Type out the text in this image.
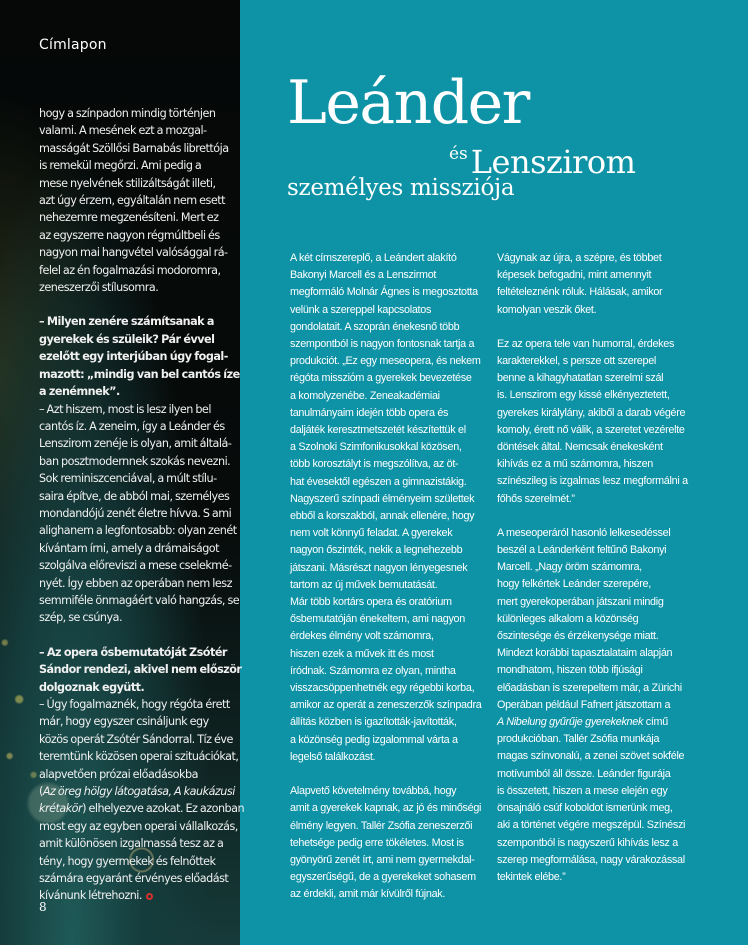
Címlapon
hogy a színpadon mindig történjen
valami. A mesének ezt a mozgal-
masságát Szöllősi Barnabás librettója
is remekül megőrzi. Ami pedig a
mese nyelvének stilizáltságát illeti,
azt úgy érzem, egyáltalán nem esett
nehezemre megzenésíteni. Mert ez
az egyszerre nagyon régmúltbeli és
nagyon mai hangvétel valósággal rá-
felel az én fogalmazási modoromra,
zeneszerzői stílusomra.
– Milyen zenére számítsanak a
gyerekek és szüleik? Pár évvel
ezelőtt egy interjúban úgy fogal-
mazott: „mindig van bel cantós íze
a zenémnek”.
– Azt hiszem, most is lesz ilyen bel
cantós íz. A zeneim, így a Leánder és
Lenszirom zenéje is olyan, amit általá-
ban posztmodernnek szokás nevezni.
Sok reminiszcenciával, a múlt stílu-
saira építve, de abból mai, személyes
mondandójú zenét életre hívva. S ami
alighanem a legfontosabb: olyan zenét
kívántam írni, amely a drámaiságot
szolgálva előreviszi a mese cselekmé-
nyét. Így ebben az operában nem lesz
semmiféle önmagáért való hangzás, se
szép, se csúnya.
– Az opera ősbemutatóját Zsótér
Sándor rendezi, akivel nem először
dolgoznak együtt.
– Úgy fogalmaznék, hogy régóta érett
már, hogy egyszer csináljunk egy
közös operát Zsótér Sándorral. Tíz éve
teremtünk közösen operai szituációkat,
alapvetően prózai előadásokba
(Az öreg hölgy látogatása, A kaukázusi
krétakör) elhelyezve azokat. Ez azonban
most egy az egyben operai vállalkozás,
amit különösen izgalmassá tesz az a
tény, hogy gyermekek és felnőttek
számára egyaránt érvényes előadást
kívánunk létrehozni.
8
Leánder
ésLenszirom
személyes missziója
A két címszereplő, a Leándert alakító
Bakonyi Marcell és a Lenszirmot
megformáló Molnár Ágnes is megosztotta
velünk a szereppel kapcsolatos
gondolatait. A szoprán énekesnő több
szempontból is nagyon fontosnak tartja a
produkciót. „Ez egy meseopera, és nekem
régóta missziόm a gyerekek bevezetése
a komolyzenébe. Zeneakadémiai
tanulmányaim idején több opera és
daljáték keresztmetszetét készítettük el
a Szolnoki Szimfonikusokkal közösen,
több korosztályt is megszólítva, az öt-
hat évesektől egészen a gimnazistákig.
Nagyszerű színpadi élményeim születtek
ebből a korszakból, annak ellenére, hogy
nem volt könnyű feladat. A gyerekek
nagyon őszinték, nekik a legnehezebb
játszani. Másrészt nagyon lényegesnek
tartom az új művek bemutatását.
Már több kortárs opera és oratórium
ősbemutatóján énekeltem, ami nagyon
érdekes élmény volt számomra,
hiszen ezek a művek itt és most
íródnak. Számomra ez olyan, mintha
visszacsöppenhetnék egy régebbi korba,
amikor az operát a zeneszerzők színpadra
állítás közben is igazították-javították,
a közönség pedig izgalommal várta a
legelső találkozást.
Alapvető követelmény továbbá, hogy
amit a gyerekek kapnak, az jó és minőségi
élmény legyen. Tallér Zsófia zeneszerzői
tehetsége pedig erre tökéletes. Most is
gyönyörű zenét írt, ami nem gyermekdal-
egyszerűségű, de a gyerekeket sohasem
az érdekli, amit már kívülről fújnak.
Vágynak az újra, a szépre, és többet
képesek befogadni, mint amennyit
feltételeznénk róluk. Hálásak, amikor
komolyan veszik őket.
Ez az opera tele van humorral, érdekes
karakterekkel, s persze ott szerepel
benne a kihagyhatatlan szerelmi szál
is. Lenszirom egy kissé elkényeztetett,
gyerekes királylány, akiből a darab végére
komoly, érett nő válik, a szeretet vezérelte
döntések által. Nemcsak énekesként
kihívás ez a mű számomra, hiszen
színészileg is izgalmas lesz megformálni a
főhős szerelmét.”
A meseoperáról hasonló lelkesedéssel
beszél a Leánderként feltűnő Bakonyi
Marcell. „Nagy öröm számomra,
hogy felkértek Leánder szerepére,
mert gyerekoperában játszani mindig
különleges alkalom a közönség
őszintesége és érzékenysége miatt.
Mindezt korábbi tapasztalataim alapján
mondhatom, hiszen több ifjúsági
előadásban is szerepeltem már, a Zürichi
Operában például Fafnert játszottam a
A Nibelung gyűrűje gyerekeknek című
produkcióban. Tallér Zsófia munkája
magas színvonalú, a zenei szövet sokféle
motívumból áll össze. Leánder figurája
is összetett, hiszen a mese elején egy
önsajnáló csúf koboldot ismerünk meg,
aki a történet végére megszépül. Színészi
szempontból is nagyszerű kihívás lesz a
szerep megformálása, nagy várakozással
tekintek elébe.”
